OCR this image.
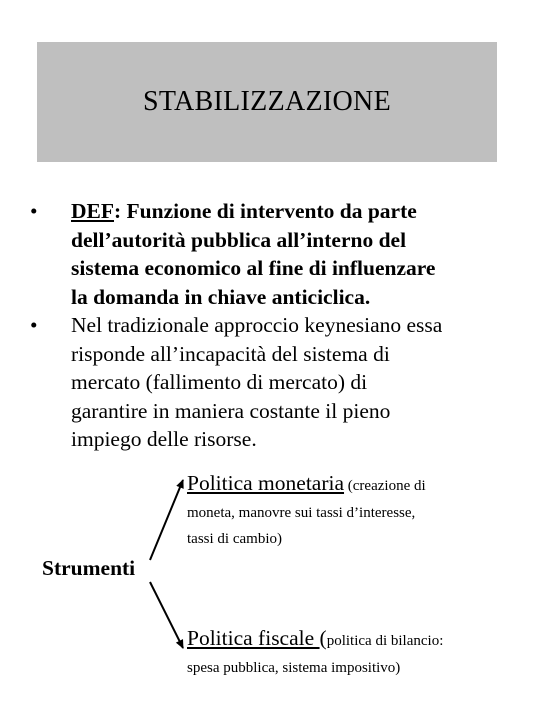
STABILIZZAZIONE
•	DEF: Funzione di intervento da parte
dell’autorità pubblica all’interno del
sistema economico al fine di influenzare
la domanda in chiave anticiclica.
•	Nel tradizionale approccio keynesiano essa
risponde all’incapacità del sistema di
mercato (fallimento di mercato) di
garantire in maniera costante il pieno
impiego delle risorse.
Politica monetaria (creazione di
moneta, manovre sui tassi d’interesse,
tassi di cambio)
Strumenti
Politica fiscale (politica di bilancio:
spesa pubblica, sistema impositivo)
